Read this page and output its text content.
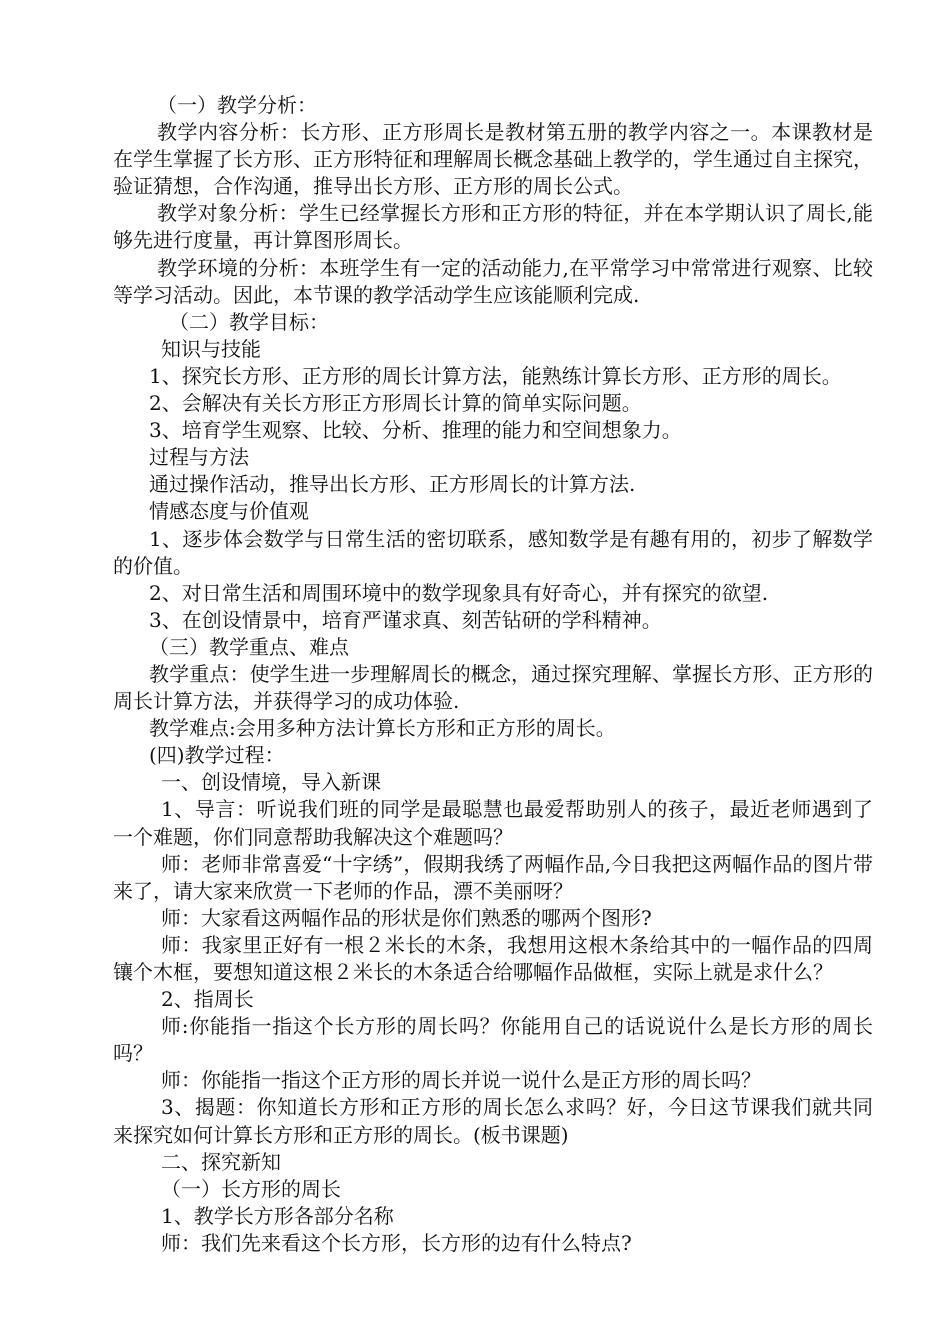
（一）教学分析：

教学内容分析：长方形、正方形周长是教材第五册的教学内容之一。本课教材是在学生掌握了长方形、正方形特征和理解周长概念基础上教学的，学生通过自主探究，验证猜想，合作沟通，推导出长方形、正方形的周长公式。

教学对象分析：学生已经掌握长方形和正方形的特征，并在本学期认识了周长,能够先进行度量，再计算图形周长。

教学环境的分析：本班学生有一定的活动能力,在平常学习中常常进行观察、比较等学习活动。因此，本节课的教学活动学生应该能顺利完成.

（二）教学目标：

知识与技能

1、探究长方形、正方形的周长计算方法，能熟练计算长方形、正方形的周长。

2、会解决有关长方形正方形周长计算的简单实际问题。

3、培育学生观察、比较、分析、推理的能力和空间想象力。

过程与方法

通过操作活动，推导出长方形、正方形周长的计算方法.

情感态度与价值观

1、逐步体会数学与日常生活的密切联系，感知数学是有趣有用的，初步了解数学的价值。

2、对日常生活和周围环境中的数学现象具有好奇心，并有探究的欲望.

3、在创设情景中，培育严谨求真、刻苦钻研的学科精神。

（三）教学重点、难点

教学重点：使学生进一步理解周长的概念，通过探究理解、掌握长方形、正方形的周长计算方法，并获得学习的成功体验.

教学难点:会用多种方法计算长方形和正方形的周长。

(四)教学过程：

一、创设情境，导入新课

1、导言：听说我们班的同学是最聪慧也最爱帮助别人的孩子，最近老师遇到了一个难题，你们同意帮助我解决这个难题吗？

师：老师非常喜爱“十字绣”，假期我绣了两幅作品,今日我把这两幅作品的图片带来了，请大家来欣赏一下老师的作品，漂不美丽呀？

师：大家看这两幅作品的形状是你们熟悉的哪两个图形?

师：我家里正好有一根２米长的木条，我想用这根木条给其中的一幅作品的四周镶个木框，要想知道这根２米长的木条适合给哪幅作品做框，实际上就是求什么？

2、指周长

师:你能指一指这个长方形的周长吗？你能用自己的话说说什么是长方形的周长吗？

师：你能指一指这个正方形的周长并说一说什么是正方形的周长吗？

3、揭题：你知道长方形和正方形的周长怎么求吗？好，今日这节课我们就共同来探究如何计算长方形和正方形的周长。(板书课题)

二、探究新知

（一）长方形的周长

1、教学长方形各部分名称

师：我们先来看这个长方形，长方形的边有什么特点?
